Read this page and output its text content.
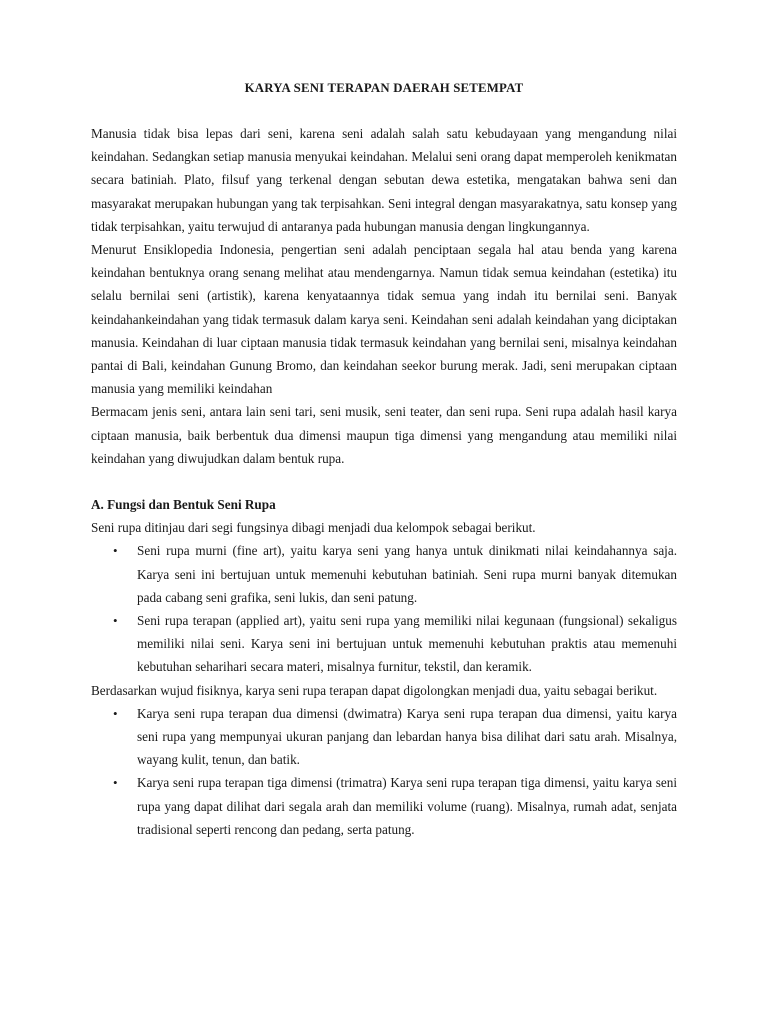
KARYA SENI TERAPAN DAERAH SETEMPAT

Manusia tidak bisa lepas dari seni, karena seni adalah salah satu kebudayaan yang mengandung nilai keindahan. Sedangkan setiap manusia menyukai keindahan. Melalui seni orang dapat memperoleh kenikmatan secara batiniah. Plato, filsuf yang terkenal dengan sebutan dewa estetika, mengatakan bahwa seni dan masyarakat merupakan hubungan yang tak terpisahkan. Seni integral dengan masyarakatnya, satu konsep yang tidak terpisahkan, yaitu terwujud di antaranya pada hubungan manusia dengan lingkungannya.

Menurut Ensiklopedia Indonesia, pengertian seni adalah penciptaan segala hal atau benda yang karena keindahan bentuknya orang senang melihat atau mendengarnya. Namun tidak semua keindahan (estetika) itu selalu bernilai seni (artistik), karena kenyataannya tidak semua yang indah itu bernilai seni. Banyak keindahankeindahan yang tidak termasuk dalam karya seni. Keindahan seni adalah keindahan yang diciptakan manusia. Keindahan di luar ciptaan manusia tidak termasuk keindahan yang bernilai seni, misalnya keindahan pantai di Bali, keindahan Gunung Bromo, dan keindahan seekor burung merak. Jadi, seni merupakan ciptaan manusia yang memiliki keindahan

Bermacam jenis seni, antara lain seni tari, seni musik, seni teater, dan seni rupa. Seni rupa adalah hasil karya ciptaan manusia, baik berbentuk dua dimensi maupun tiga dimensi yang mengandung atau memiliki nilai keindahan yang diwujudkan dalam bentuk rupa.

A. Fungsi dan Bentuk Seni Rupa

Seni rupa ditinjau dari segi fungsinya dibagi menjadi dua kelompok sebagai berikut.

• Seni rupa murni (fine art), yaitu karya seni yang hanya untuk dinikmati nilai keindahannya saja. Karya seni ini bertujuan untuk memenuhi kebutuhan batiniah. Seni rupa murni banyak ditemukan pada cabang seni grafika, seni lukis, dan seni patung.
• Seni rupa terapan (applied art), yaitu seni rupa yang memiliki nilai kegunaan (fungsional) sekaligus memiliki nilai seni. Karya seni ini bertujuan untuk memenuhi kebutuhan praktis atau memenuhi kebutuhan seharihari secara materi, misalnya furnitur, tekstil, dan keramik.

Berdasarkan wujud fisiknya, karya seni rupa terapan dapat digolongkan menjadi dua, yaitu sebagai berikut.

• Karya seni rupa terapan dua dimensi (dwimatra) Karya seni rupa terapan dua dimensi, yaitu karya seni rupa yang mempunyai ukuran panjang dan lebardan hanya bisa dilihat dari satu arah. Misalnya, wayang kulit, tenun, dan batik.
• Karya seni rupa terapan tiga dimensi (trimatra) Karya seni rupa terapan tiga dimensi, yaitu karya seni rupa yang dapat dilihat dari segala arah dan memiliki volume (ruang). Misalnya, rumah adat, senjata tradisional seperti rencong dan pedang, serta patung.
